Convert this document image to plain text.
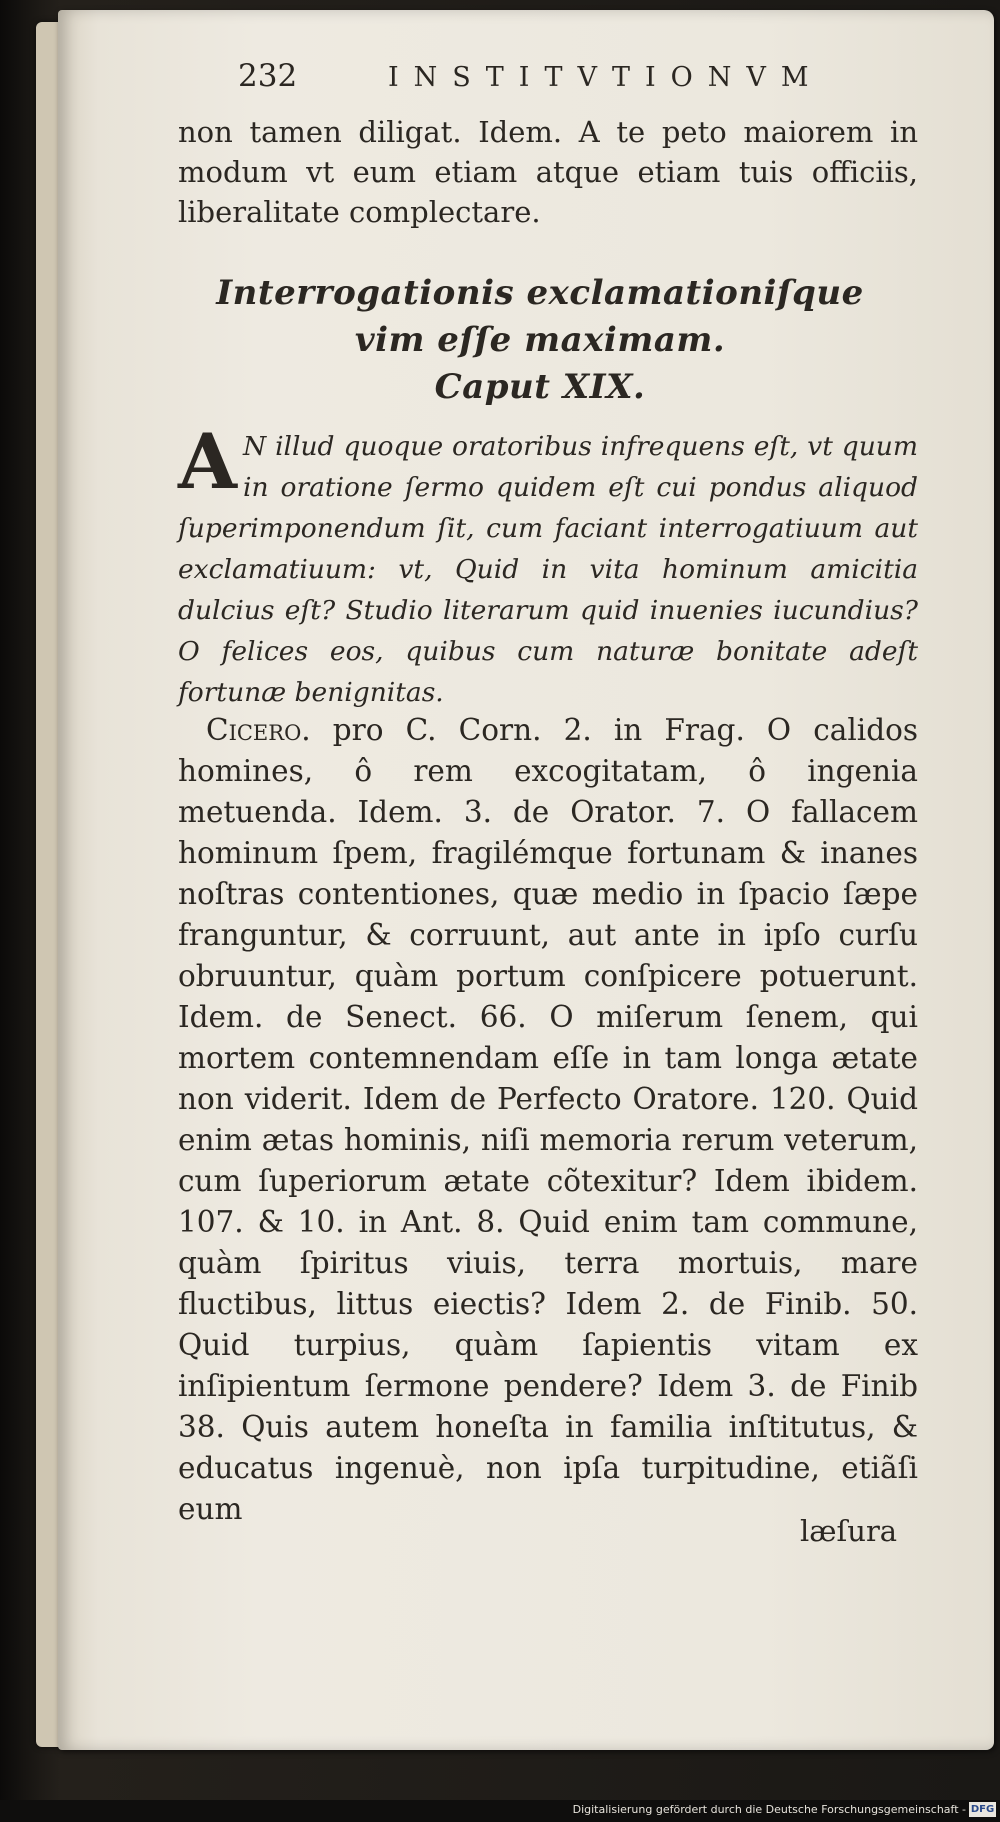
232	INSTITVTIONVM
non tamen diligat. Idem. A te peto maiorem in modum vt eum etiam atque etiam tuis officiis, liberalitate complectare.
Interrogationis exclamationiſque
vim eſſe maximam.
Caput XIX.
A N illud quoque oratoribus infrequens eſt, vt quum in oratione ſermo quidem eſt cui pondus aliquod ſuperimponendum ſit, cum faciant interrogatiuum aut exclamatiuum: vt, Quid in vita hominum amicitia dulcius eſt? Studio literarum quid inuenies iucundius? O felices eos, quibus cum naturæ bonitate adeſt fortunæ benignitas.
Cicero. pro C. Corn. 2. in Frag. O calidos homines, ô rem excogitatam, ô ingenia metuenda. Idem. 3. de Orator. 7. O fallacem hominum ſpem, fragilémque fortunam & inanes noſtras contentiones, quæ medio in ſpacio ſæpe franguntur, & corruunt, aut ante in ipſo curſu obruuntur, quàm portum conſpicere potuerunt. Idem. de Senect. 66. O miſerum ſenem, qui mortem contemnendam eſſe in tam longa ætate non viderit. Idem de Perfecto Oratore. 120. Quid enim ætas hominis, niſi memoria rerum veterum, cum ſuperiorum ætate cõtexitur? Idem ibidem. 107. & 10. in Ant. 8. Quid enim tam commune, quàm ſpiritus viuis, terra mortuis, mare fluctibus, littus eiectis? Idem 2. de Finib. 50. Quid turpius, quàm ſapientis vitam ex inſipientum ſermone pendere? Idem 3. de Finib 38. Quis autem honeſta in familia inſtitutus, & educatus ingenuè, non ipſa turpitudine, etiãſi eum
læſura
Digitalisierung gefördert durch die Deutsche Forschungsgemeinschaft - DFG
